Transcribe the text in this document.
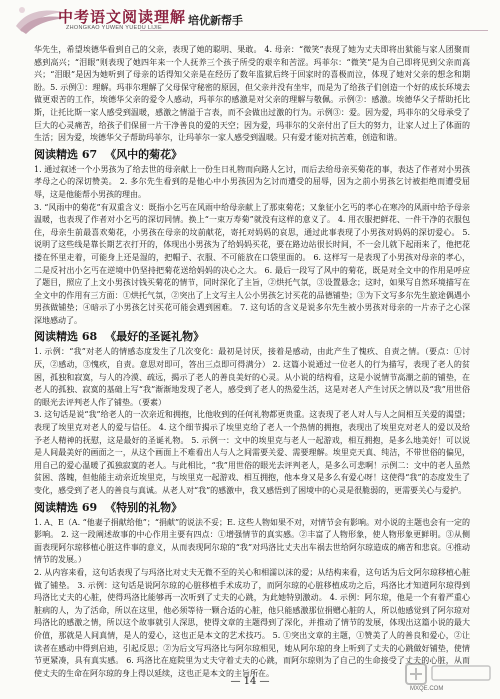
中考语文阅读理解
ZHONGKAO YUWEN YUEDU LIJIE
培优新帮手

华先生，希望埃德华看到自己的父亲，表现了她的聪明、果敢。 4. 母亲：“微笑”表现了她为丈夫即将出狱能与家人团聚而感到高兴；“泪眼”则表现了她四年来一个人抚养三个孩子所受的艰辛和苦涩。玛菲尔：“微笑”是为自己即将见到父亲而高兴；“泪眼”是因为她听到了母亲的话得知父亲是在经历了数年监狱后终于回家时的喜极而泣，体现了她对父亲的想念和期盼。5. 示例①：理解。玛菲尔理解了父母保守秘密的原因，但父亲并没有坐牢，而是为了给孩子们创造一个好的成长环境去做更艰苦的工作，埃德华父亲的爱令人感动，玛菲尔的感激是对父亲的理解与敬佩。示例②：感激。埃德华父子帮助托比斯，让托比斯一家人感受到温暖，感激之情溢于言表，而不会做出过激的行为。示例③：爱。因为爱，玛菲尔的父母承受了巨大的心灵痛苦，给孩子们保留一片干净善良的爱的天空；因为爱，玛菲尔的父亲付出了巨大的努力，让家人过上了体面的生活；因为爱，埃德华父子帮助玛菲尔，让玛菲尔一家人感受到温暖。只有爱才能对抗苦难，创造和谐。

阅读精选 67 《风中的菊花》

1. 通过叙述一个小男孩为了给去世的母亲献上一份生日礼物而向路人乞讨，而后去给母亲买菊花的事，表达了作者对小男孩孝母之心的深切赞美。 2. 多尔先生看到的是他心中小男孩因为乞讨而遭受的屈辱，因为之前小男孩乞讨被拒绝而遭受屈辱，这是他能帮小男孩的理由。

3. “风雨中的菊花”有双重含义：既指小乞丐在风雨中给母亲献上了那束菊花；又象征小乞丐的孝心在寒冷的风雨中给予母亲温暖，也表现了作者对小乞丐的深切同情。换上“一束万寿菊”就没有这样的意义了。 4. 用衣服把鲜花、一件干净的衣服包住，母亲生前最喜欢菊花，小男孩在母亲的坟前献花，寄托对妈妈的哀思，通过此事表现了小男孩对妈妈的深切爱心。 5. 说明了这些线是靠长期艺衣打开的，体现出小男孩为了给妈妈买花，要在路边站很长时间，不一会儿就下起雨来了，他把花搂在怀里走着，可能身上还是湿的，把帽子、衣服、不可能放在口袋里面的。 6. 这样写一是表现了小男孩对母亲的孝心，二是反衬出小乞丐在逆境中仍坚持把菊花送给妈妈的决心之大。 6. 最后一段写了风中的菊花，既是对全文中的作用是呼应了题目，照应了上文小男孩讨钱买菊花的情节，同时深化了主旨，②烘托气氛，③设置悬念；这时，如果写自然环境描写在全文中的作用有三方面：①烘托气氛，②突出了上文写主人公小男孩乞讨买花的品德铺垫；③为下文写多尔先生旅途偶遇小男孩做铺垫；④暗示了小男孩乞讨买花可能会遇到困难。 7. 这句话的含义是说多尔先生被小男孩对母亲的一片赤子之心深深地感动了。

阅读精选 68 《最好的圣诞礼物》

1. 示例：“我”对老人的情感态度发生了几次变化：最初是讨厌，接着是感动，由此产生了愧疚、自责之情。（要点：①讨厌，②感动，③愧疚，自责。意思对即可，答出三点即可得满分） 2. 这篇小说通过一位老人的行为描写，表现了老人的贫困，孤独和寂寞，与人的冷漠、疏远，揭示了老人的善良美好的心灵。从小说的结构看，这是小说情节高潮之前的铺垫，在老人的孤独、寂寞的基础上写“我”渐渐地发现了老人，感受到了老人的热爱生活，这是对老人产生讨厌之情以及“我”用世俗的眼光去评判老人作了铺垫。（要素）

3. 这句话是说“我”给老人的一次亲近和拥抱，比他收到的任何礼物都更贵重。这表现了老人对人与人之间相互关爱的渴望；表现了埃里克对老人的爱与信任。 4. 这个细节揭示了埃里克给了老人一个热情的拥抱，表现出了埃里克对老人的爱以及给予老人精神的抚慰，这是最好的圣诞礼物。 5. 示例一：文中的埃里克与老人一起游戏，相互拥抱，是多么地美好！可以说是人间最美好的画面之一，从这个画面上不难看出人与人之间需要关爱、需要理解。埃里克天真、纯洁，不带世俗的偏见，用自己的爱心温暖了孤独寂寞的老人。与此相比，“我”用世俗的眼光去评判老人，是多么可悲啊！示例二：文中的老人虽然贫困、落魄，但他能主动亲近埃里克，与埃里克一起游戏、相互拥抱，他本身又是多么有爱心呀！这使得“我”的态度发生了变化，感受到了老人的善良与真诚。从老人对“我”的感激中，我又感悟到了困境中的心灵是很脆弱的，更需要关心与爱护。

阅读精选 69 《特别的礼物》

1. A、E（A. “他妻子捐献给他”；“捐献”的说法不妥；E. 这些人物如果不对，对情节会有影响。对小说的主题也会有一定的影响。 2. 这一段阐述故事的中心作用主要有四点：①增强情节的真实感。②丰富了人物形象，使人物形象更鲜明。③从侧面表现阿尔琼移植心脏这件事的意义，从而表现阿尔琼的“我”对玛洛比丈夫出车祸去世给阿尔琼造成的痛苦和悲哀。④推动情节的发展。）

2. 从内容来看，这句话表现了与玛洛比对丈夫无微不至的关心和相濡以沫的爱；从结构来看，这句话为后文阿尔琼移植心脏做了铺垫。 3. 示例：这句话是说阿尔琼的心脏移植手术成功了，而阿尔琼的心脏移植成功之后，玛洛比才知道阿尔琼得到玛洛比丈夫的心脏，使得玛洛比能够再一次听到了丈夫的心跳，为此她特别激动。 4. 示例：阿尔琼，他是一个有着严重心脏病的人，为了活命，所以在这里，他必须等待一颗合适的心脏，他只能感激那位捐赠心脏的人，所以他感觉到了阿尔琼对玛洛比的感激之情，所以这个故事就引人深思，使得文章的主题得到了深化，并推动了情节的发展，体现出这篇小说的最大价值，那就是人间真情，是人的爱心，这也正是本文的艺术技巧。 5. ①突出文章的主题，①赞美了人的善良和爱心，②让读者在感动中得到启迪，引起反思；②为后文写玛洛比与阿尔琼相见，她从阿尔琼的身上听到了丈夫的心跳做好铺垫，使情节更紧凑，具有真实感。 6. 玛洛比在庭院里为丈夫守着丈夫的心跳，而阿尔琼则为了自己的生命接受了丈夫的心脏，从而使丈夫的生命在阿尔琼的身上得以延续，这也正是本文的主旨所在。

— 14 —
MXQE.COM
